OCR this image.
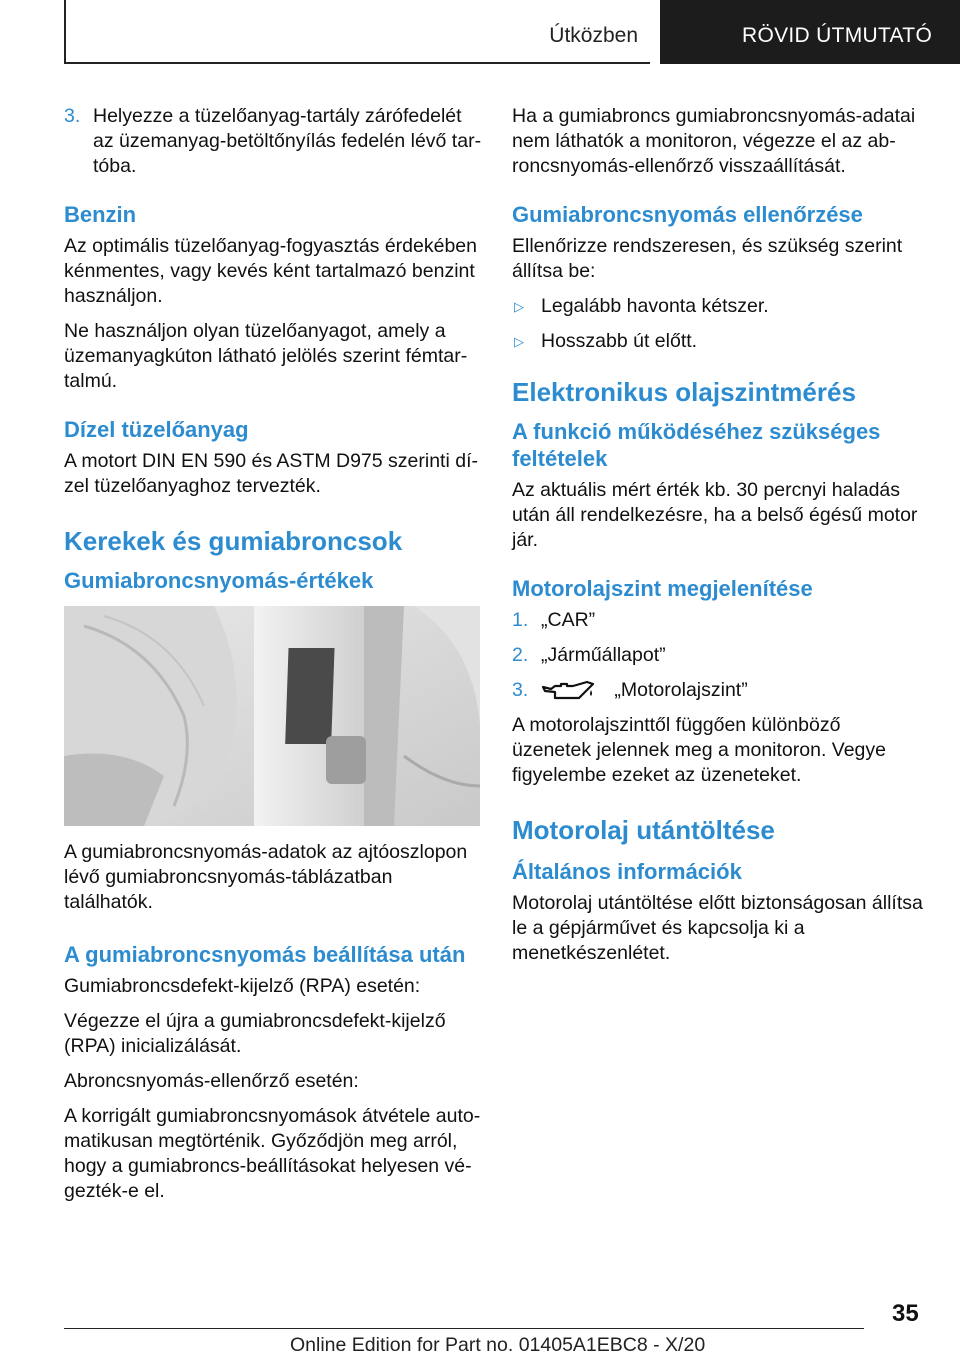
Útközben	RÖVID ÚTMUTATÓ
3. Helyezze a tüzelőanyag-tartály zárófedelét az üzemanyag-betöltőnyílás fedelén lévő tartóba.
Benzin

Az optimális tüzelőanyag-fogyasztás érdekében kénmentes, vagy kevés ként tartalmazó benzint használjon.

Ne használjon olyan tüzelőanyagot, amely a üzemanyagkúton látható jelölés szerint fémtartalmú.

Dízel tüzelőanyag

A motort DIN EN 590 és ASTM D975 szerinti dízel tüzelőanyaghoz tervezték.

Kerekek és gumiabroncsok
Gumiabroncsnyomás-értékek

A gumiabroncsnyomás-adatok az ajtóoszlopon lévő gumiabroncsnyomás-táblázatban találhatók.

A gumiabroncsnyomás beállítása után

Gumiabroncsdefekt-kijelző (RPA) esetén:

Végezze el újra a gumiabroncsdefekt-kijelző (RPA) inicializálását.

Abroncsnyomás-ellenőrző esetén:

A korrigált gumiabroncsnyomások átvétele automatikusan megtörténik. Győződjön meg arról, hogy a gumiabroncs-beállításokat helyesen végezték-e el.

Ha a gumiabroncs gumiabroncsnyomás-adatai nem láthatók a monitoron, végezze el az abroncsnyomás-ellenőrző visszaállítását.

Gumiabroncsnyomás ellenőrzése

Ellenőrizze rendszeresen, és szükség szerint állítsa be:

▷ Legalább havonta kétszer.
▷ Hosszabb út előtt.
Elektronikus olajszintmérés
A funkció működéséhez szükséges feltételek

Az aktuális mért érték kb. 30 percnyi haladás után áll rendelkezésre, ha a belső égésű motor jár.

Motorolajszint megjelenítése
1. „CAR”
2. „Járműállapot”
3.	„Motorolajszint”

A motorolajszinttől függően különböző üzenetek jelennek meg a monitoron. Vegye figyelembe ezeket az üzeneteket.

Motorolaj utántöltése
Általános információk

Motorolaj utántöltése előtt biztonságosan állítsa le a gépjárművet és kapcsolja ki a menetkészenlétet.

35
Online Edition for Part no. 01405A1EBC8 - X/20
